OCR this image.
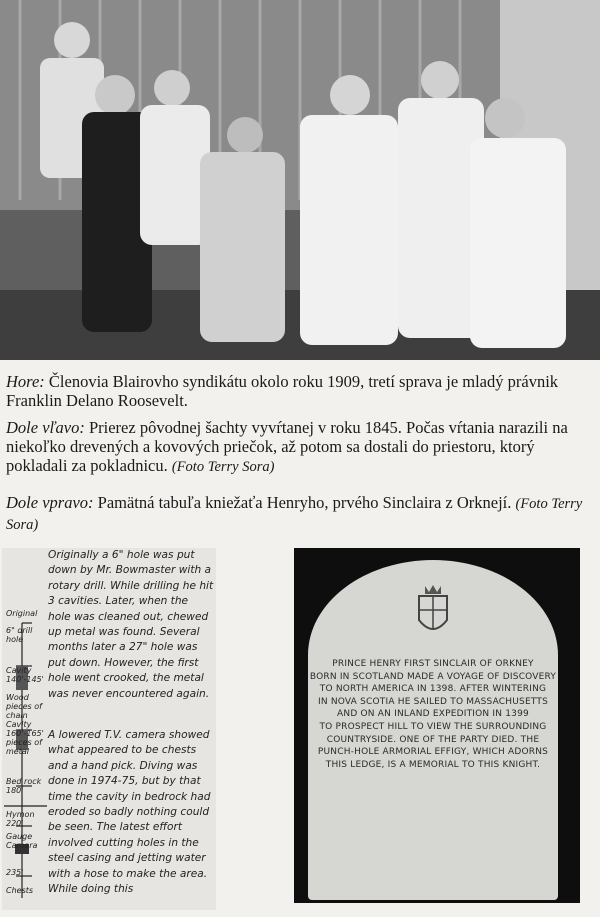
Hore: Členovia Blairovho syndikátu okolo roku 1909, tretí sprava je mladý právnik Franklin Delano Roosevelt.

Dole vľavo: Prierez pôvodnej šachty vyvŕtanej v roku 1845. Počas vŕtania narazili na niekoľko drevených a kovových priečok, až potom sa dostali do priestoru, ktorý pokladali za pokladnicu. (Foto Terry Sora)

Dole vpravo: Pamätná tabuľa kniežaťa Henryho, prvého Sinclaira z Orknejí. (Foto Terry Sora)

Original
6" drill hole
Cavity 140'-145'
Wood pieces of chain
Cavity 160'-165' pieces of metal
Bed rock 180'
Hymon 220'
Gauge Camera
235'
Chests

Originally a 6" hole was put down by Mr. Bowmaster with a rotary drill. While drilling he hit 3 cavities. Later, when the hole was cleaned out, chewed up metal was found. Several months later a 27" hole was put down. However, the first hole went crooked, the metal was never encountered again.

A lowered T.V. camera showed what appeared to be chests and a hand pick. Diving was done in 1974-75, but by that time the cavity in bedrock had eroded so badly nothing could be seen. The latest effort involved cutting holes in the steel casing and jetting water with a hose to make the area. While doing this

PRINCE HENRY FIRST SINCLAIR OF ORKNEY
BORN IN SCOTLAND MADE A VOYAGE OF DISCOVERY
TO NORTH AMERICA IN 1398. AFTER WINTERING
IN NOVA SCOTIA HE SAILED TO MASSACHUSETTS
AND ON AN INLAND EXPEDITION IN 1399
TO PROSPECT HILL TO VIEW THE SURROUNDING
COUNTRYSIDE. ONE OF THE PARTY DIED. THE
PUNCH-HOLE ARMORIAL EFFIGY, WHICH ADORNS
THIS LEDGE, IS A MEMORIAL TO THIS KNIGHT.
